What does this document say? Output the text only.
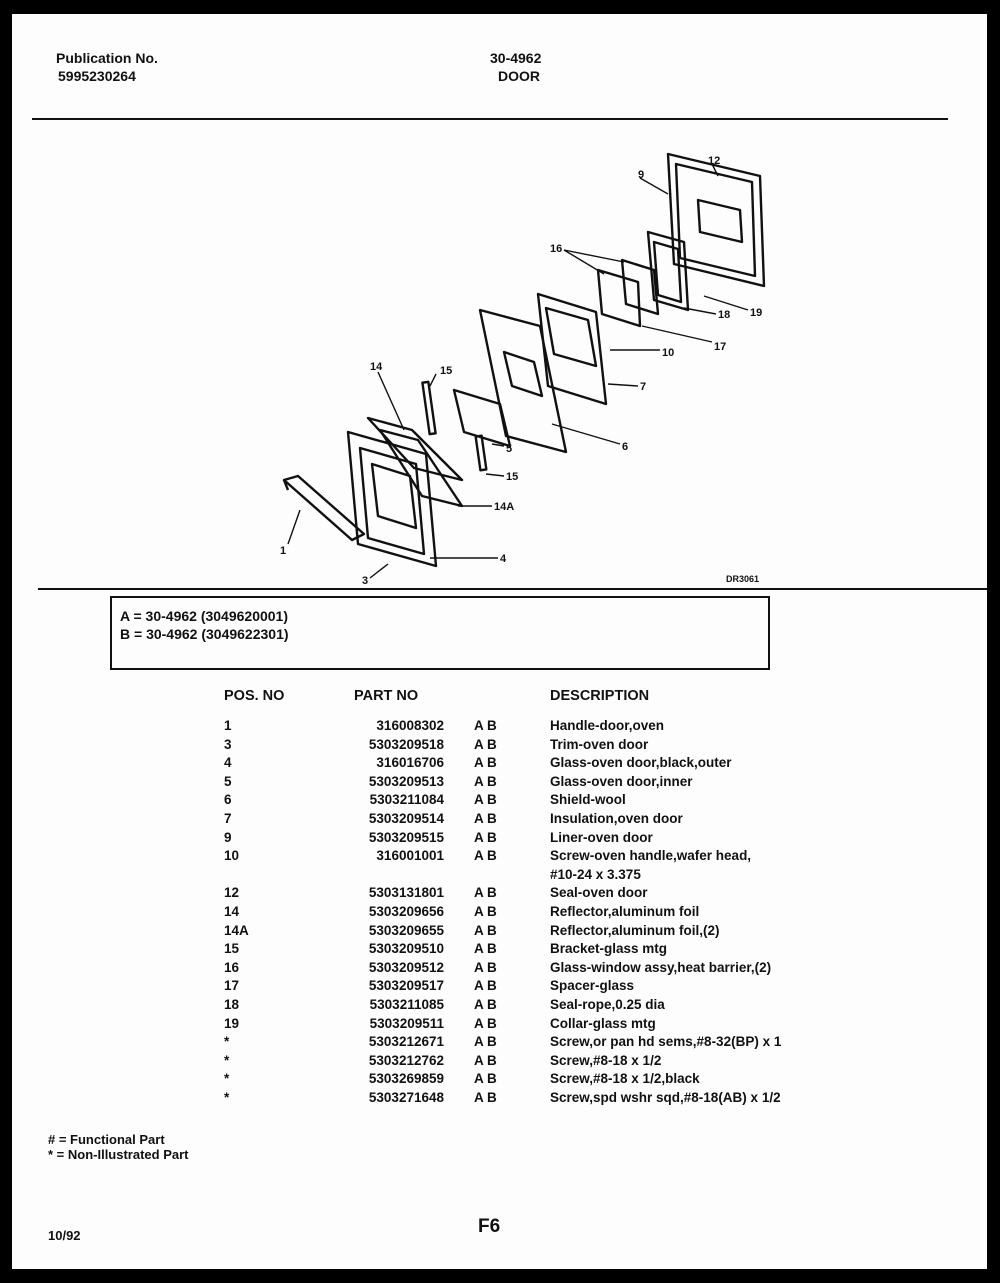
Publication No.
5995230264
30-4962
DOOR
9
12
16
18 19
17
10
7
6
5
15
14
15
14A
4
3
1
DR3061
A = 30-4962 (3049620001)
B = 30-4962 (3049622301)
POS. NO	PART NO		DESCRIPTION
1	316008302	A B	Handle-door,oven
3	5303209518	A B	Trim-oven door
4	316016706	A B	Glass-oven door,black,outer
5	5303209513	A B	Glass-oven door,inner
6	5303211084	A B	Shield-wool
7	5303209514	A B	Insulation,oven door
9	5303209515	A B	Liner-oven door
10	316001001	A B	Screw-oven handle,wafer head,
			#10-24 x 3.375
12	5303131801	A B	Seal-oven door
14	5303209656	A B	Reflector,aluminum foil
14A	5303209655	A B	Reflector,aluminum foil,(2)
15	5303209510	A B	Bracket-glass mtg
16	5303209512	A B	Glass-window assy,heat barrier,(2)
17	5303209517	A B	Spacer-glass
18	5303211085	A B	Seal-rope,0.25 dia
19	5303209511	A B	Collar-glass mtg
*	5303212671	A B	Screw,or pan hd sems,#8-32(BP) x 1
*	5303212762	A B	Screw,#8-18 x 1/2
*	5303269859	A B	Screw,#8-18 x 1/2,black
*	5303271648	A B	Screw,spd wshr sqd,#8-18(AB) x 1/2
# = Functional Part
* = Non-Illustrated Part
10/92	F6
